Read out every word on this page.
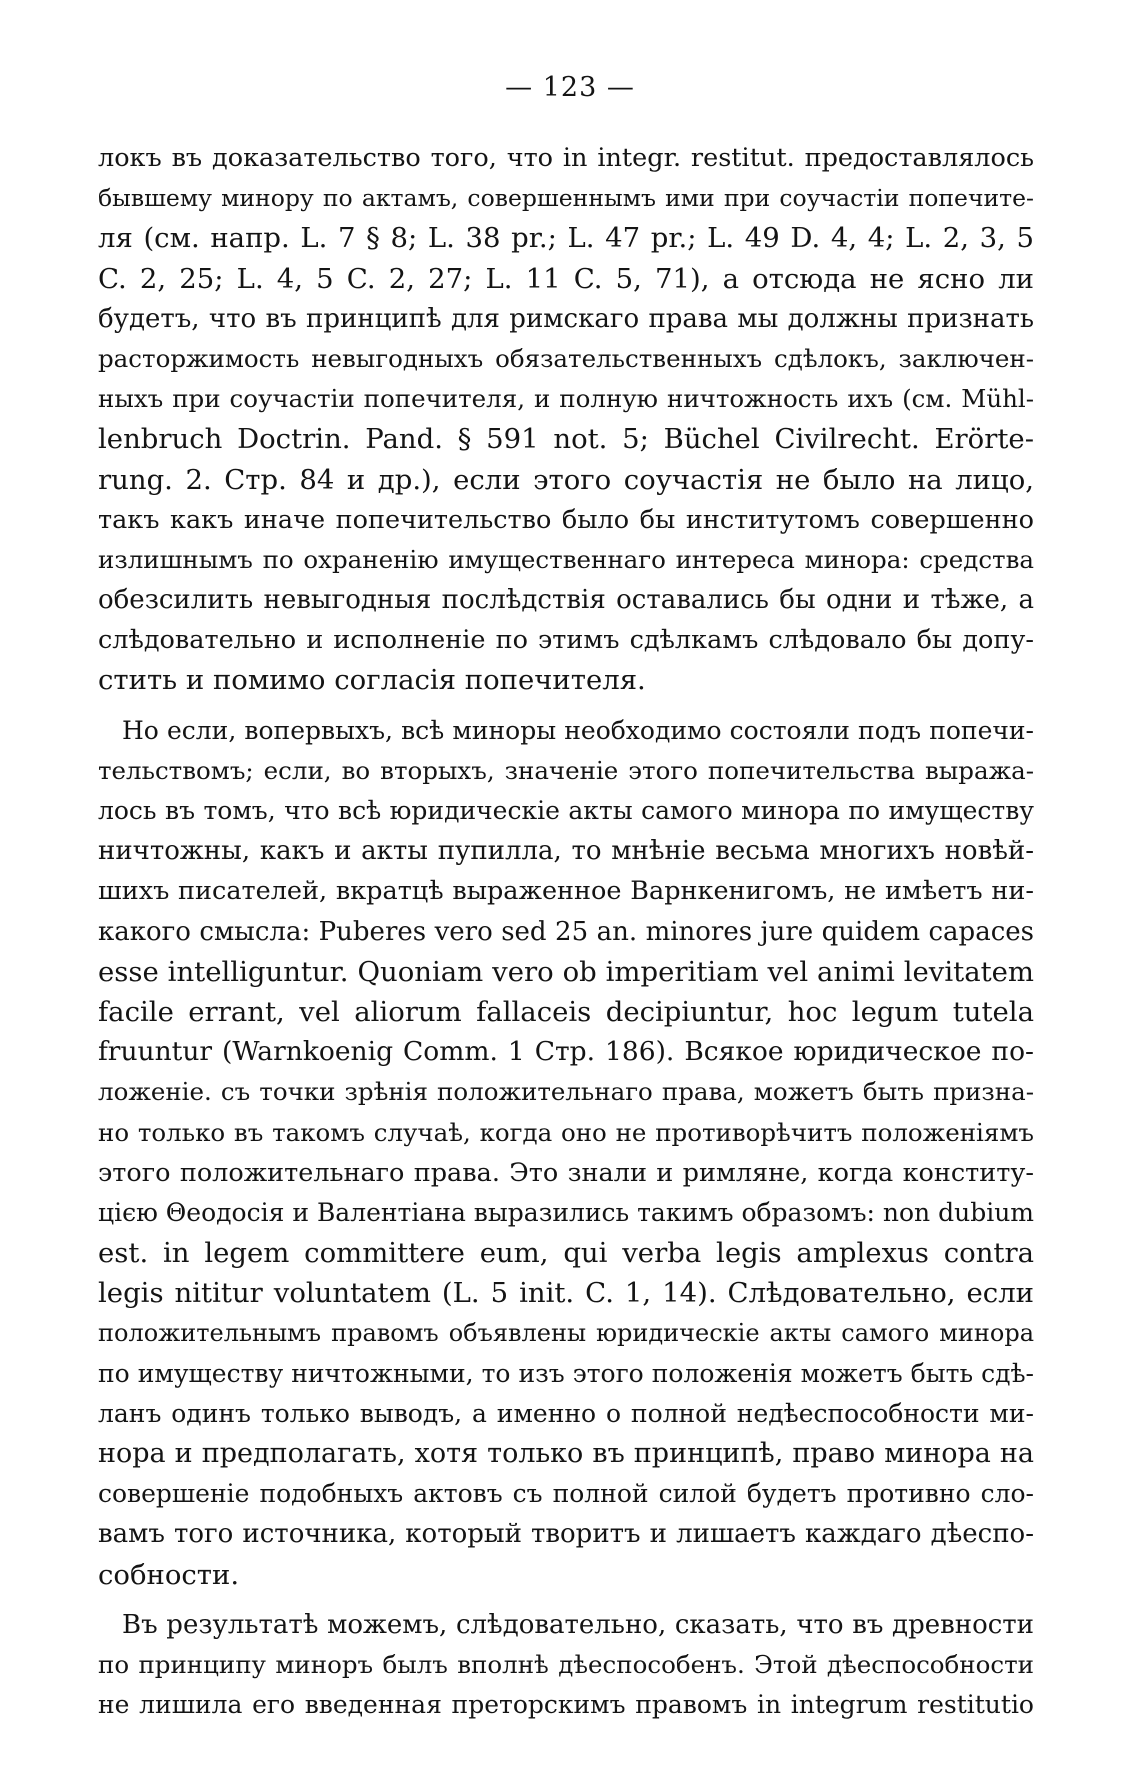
— 123 —
локъ въ доказательство того, что in integr. restitut. предоставлялось
бывшему минору по актамъ, совершеннымъ ими при соучастіи попечите-
ля (см. напр. L. 7 § 8; L. 38 pr.; L. 47 pr.; L. 49 D. 4, 4; L. 2, 3, 5
C. 2, 25; L. 4, 5 C. 2, 27; L. 11 C. 5, 71), а отсюда не ясно ли
будетъ, что въ принципѣ для римскаго права мы должны признать
расторжимость невыгодныхъ обязательственныхъ сдѣлокъ, заключен-
ныхъ при соучастіи попечителя, и полную ничтожность ихъ (см. Mühl-
lenbruch Doctrin. Pand. § 591 not. 5; Büchel Civilrecht. Erörte-
rung. 2. Стр. 84 и др.), если этого соучастія не было на лицо,
такъ какъ иначе попечительство было бы институтомъ совершенно
излишнымъ по охраненію имущественнаго интереса минора: средства
обезсилить невыгодныя послѣдствія оставались бы одни и тѣже, а
слѣдовательно и исполненіе по этимъ сдѣлкамъ слѣдовало бы допу-
стить и помимо согласія попечителя.
Но если, вопервыхъ, всѣ миноры необходимо состояли подъ попечи-
тельствомъ; если, во вторыхъ, значеніе этого попечительства выража-
лось въ томъ, что всѣ юридическіе акты самого минора по имуществу
ничтожны, какъ и акты пупилла, то мнѣніе весьма многихъ новѣй-
шихъ писателей, вкратцѣ выраженное Варнкенигомъ, не имѣетъ ни-
какого смысла: Puberes vero sed 25 an. minores jure quidem capaces
esse intelliguntur. Quoniam vero ob imperitiam vel animi levitatem
facile errant, vel aliorum fallaceis decipiuntur, hoc legum tutela
fruuntur (Warnkoenig Comm. 1 Стр. 186). Всякое юридическое по-
ложеніе. съ точки зрѣнія положительнаго права, можетъ быть призна-
но только въ такомъ случаѣ, когда оно не противорѣчитъ положеніямъ
этого положительнаго права. Это знали и римляне, когда конститу-
цією Θеодосія и Валентіана выразились такимъ образомъ: non dubium
est. in legem committere eum, qui verba legis amplexus contra
legis nititur voluntatem (L. 5 init. C. 1, 14). Слѣдовательно, если
положительнымъ правомъ объявлены юридическіе акты самого минора
по имуществу ничтожными, то изъ этого положенія можетъ быть сдѣ-
ланъ одинъ только выводъ, а именно о полной недѣеспособности ми-
нора и предполагать, хотя только въ принципѣ, право минора на
совершеніе подобныхъ актовъ съ полной силой будетъ противно сло-
вамъ того источника, который творитъ и лишаетъ каждаго дѣеспо-
собности.
Въ результатѣ можемъ, слѣдовательно, сказать, что въ древности
по принципу миноръ былъ вполнѣ дѣеспособенъ. Этой дѣеспособности
не лишила его введенная преторскимъ правомъ in integrum restitutio
